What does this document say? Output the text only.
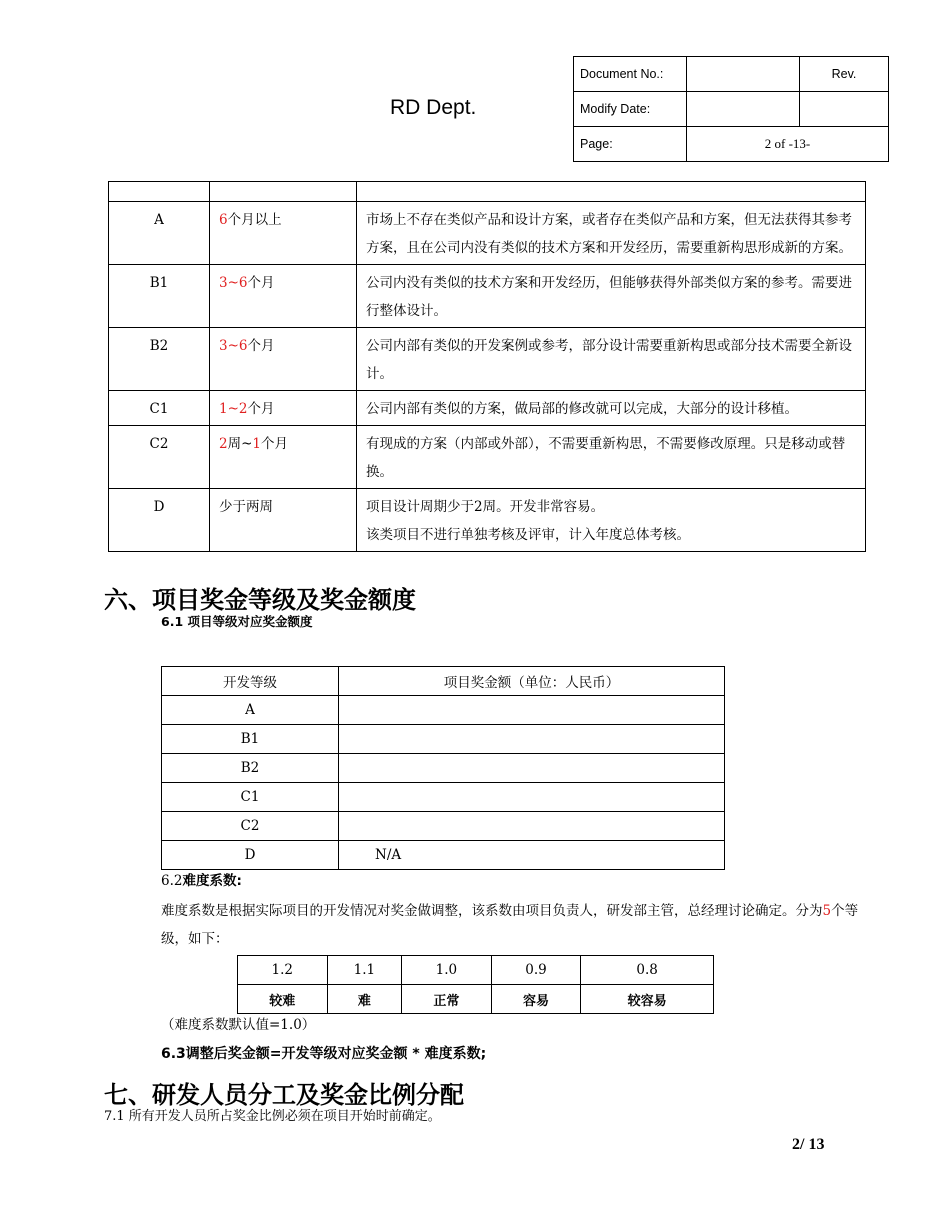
RD Dept.
Document No.:		Rev.
Modify Date:		
Page:	2 of -13-	

A	6个月以上	市场上不存在类似产品和设计方案，或者存在类似产品和方案，但无法获得其参考方案，且在公司内没有类似的技术方案和开发经历，需要重新构思形成新的方案。
B1	3~6个月	公司内没有类似的技术方案和开发经历，但能够获得外部类似方案的参考。需要进行整体设计。
B2	3~6个月	公司内部有类似的开发案例或参考，部分设计需要重新构思或部分技术需要全新设计。
C1	1~2个月	公司内部有类似的方案，做局部的修改就可以完成，大部分的设计移植。
C2	2周~1个月	有现成的方案（内部或外部），不需要重新构思，不需要修改原理。只是移动或替换。
D	少于两周	项目设计周期少于2周。开发非常容易。
该类项目不进行单独考核及评审，计入年度总体考核。
六、项目奖金等级及奖金额度
6.1 项目等级对应奖金额度
开发等级	项目奖金额（单位：人民币）
A	
B1	
B2	
C1	
C2	
D	N/A
6.2难度系数:

难度系数是根据实际项目的开发情况对奖金做调整，该系数由项目负责人，研发部主管，总经理讨论确定。分为5个等级，如下：

1.2	1.1	1.0	0.9	0.8
较难	难	正常	容易	较容易
（难度系数默认值=1.0）
6.3调整后奖金额=开发等级对应奖金额 * 难度系数;
七、研发人员分工及奖金比例分配
7.1 所有开发人员所占奖金比例必须在项目开始时前确定。
2/ 13
